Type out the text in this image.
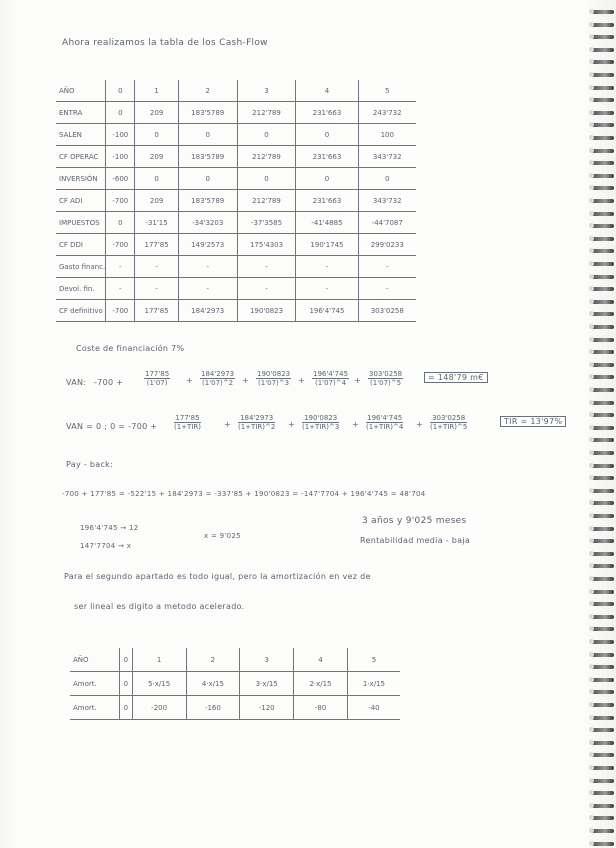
Ahora realizamos la tabla de los Cash-Flow
AÑO	0	1	2	3	4	5
ENTRA	0	209	183'5789	212'789	231'663	243'732
SALEN	-100	0	0	0	0	100
CF OPERAC	-100	209	183'5789	212'789	231'663	343'732
INVERSIÓN	-600	0	0	0	0	0
CF ADI	-700	209	183'5789	212'789	231'663	343'732
IMPUESTOS	0	-31'15	-34'3203	-37'3585	-41'4885	-44'7087
CF DDI	-700	177'85	149'2573	175'4303	190'1745	299'0233
Gasto financ.	-	-	-	-	-	-
Devol. fin.	-	-	-	-	-	-
CF definitivo	-700	177'85	184'2973	190'0823	196'4'745	303'0258
Coste de financiación 7%
VAN: -700 +	$\frac{177'85}{(1'07)} + \frac{184'2973}{(1'07)\^{}2} + \frac{190'0823}{(1'07)\^{}3} + \frac{196'4'745}{(1'07)\^{}4} + \frac{303'0258}{(1'07)\^{}5}$	= 148'79 m€
VAN = 0 ; 0 = -700 +
177'85
(1+TIR)	+
184'2973
(1+TIR)^2 +
190'0823
(1+TIR)^3 +
196'4'745
(1+TIR)^4 +
303'0258
(1+TIR)^5
TIR = 13'97%
Pay - back:
-700 + 177'85 = -522'15 + 184'2973 = -337'85 + 190'0823 = -147'7704 + 196'4'745 = 48'704
196'4'745 → 12
147'7704 → x
x = 9'025
3 años y 9'025 meses
Rentabilidad media - baja
Para el segundo apartado es todo igual, pero la amortización en vez de
ser lineal es digito a metodo acelerado.
AÑO	0	1	2	3	4	5
Amort.	0	5·x/15	4·x/15	3·x/15	2·x/15	1·x/15
Amort.	0	-200	-160	-120	-80	-40
